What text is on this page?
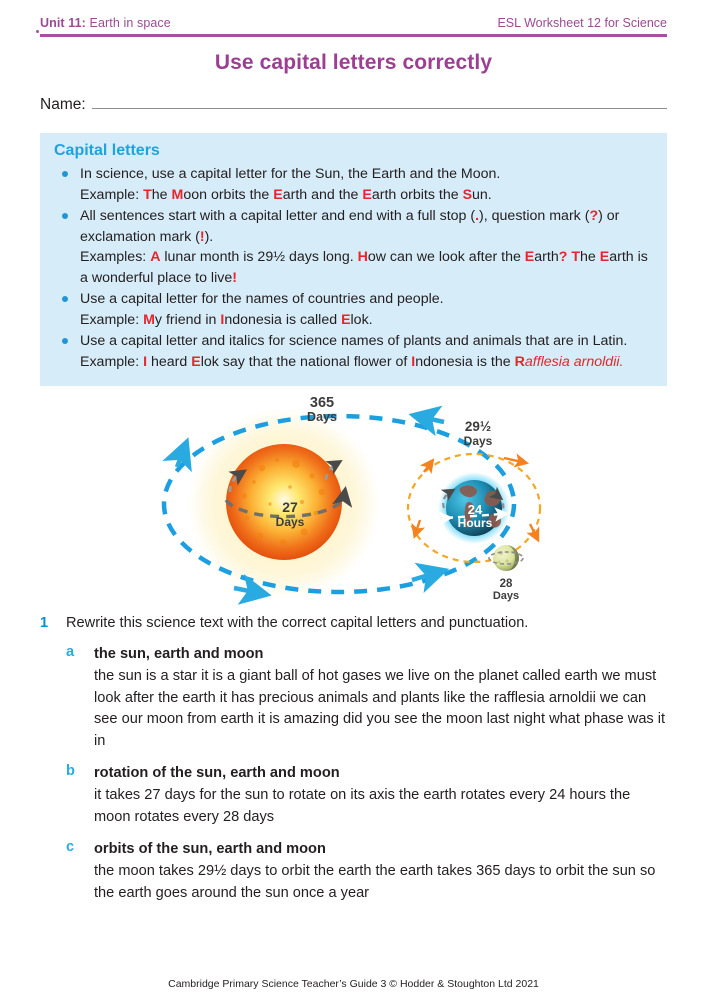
Unit 11: Earth in space	ESL Worksheet 12 for Science
Use capital letters correctly
Name:
Capital letters
In science, use a capital letter for the Sun, the Earth and the Moon.
Example: The Moon orbits the Earth and the Earth orbits the Sun.
All sentences start with a capital letter and end with a full stop (.), question mark (?) or exclamation mark (!).
Examples: A lunar month is 29½ days long. How can we look after the Earth? The Earth is a wonderful place to live!
Use a capital letter for the names of countries and people.
Example: My friend in Indonesia is called Elok.
Use a capital letter and italics for science names of plants and animals that are in Latin.
Example: I heard Elok say that the national flower of Indonesia is the Rafflesia arnoldii.
365
Days
27
Days
29½
Days
24
Hours
28
Days
1	Rewrite this science text with the correct capital letters and punctuation.
a	the sun, earth and moon
the sun is a star it is a giant ball of hot gases we live on the planet called earth we must look after the earth it has precious animals and plants like the rafflesia arnoldii we can see our moon from earth it is amazing did you see the moon last night what phase was it in
b	rotation of the sun, earth and moon
it takes 27 days for the sun to rotate on its axis the earth rotates every 24 hours the moon rotates every 28 days
c	orbits of the sun, earth and moon
the moon takes 29½ days to orbit the earth the earth takes 365 days to orbit the sun so the earth goes around the sun once a year
Cambridge Primary Science Teacher’s Guide 3 © Hodder & Stoughton Ltd 2021
